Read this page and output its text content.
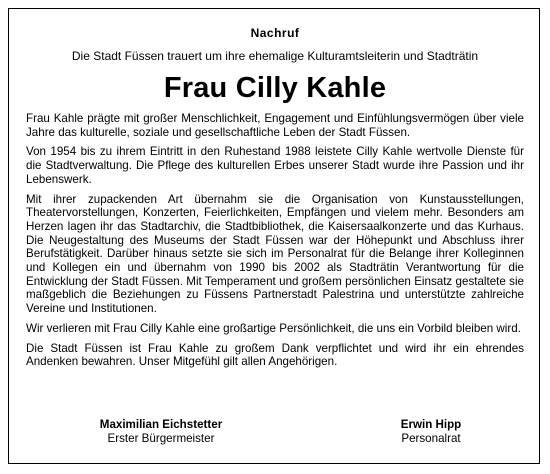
Nachruf

Die Stadt Füssen trauert um ihre ehemalige Kulturamtsleiterin und Stadträtin

Frau Cilly Kahle

Frau Kahle prägte mit großer Menschlichkeit, Engagement und Einfühlungsvermögen über viele Jahre das kulturelle, soziale und gesellschaftliche Leben der Stadt Füssen.

Von 1954 bis zu ihrem Eintritt in den Ruhestand 1988 leistete Cilly Kahle wertvolle Dienste für die Stadtverwaltung. Die Pflege des kulturellen Erbes unserer Stadt wurde ihre Passion und ihr Lebenswerk.

Mit ihrer zupackenden Art übernahm sie die Organisation von Kunstausstellungen, Theatervorstellungen, Konzerten, Feierlichkeiten, Empfängen und vielem mehr. Besonders am Herzen lagen ihr das Stadtarchiv, die Stadtbibliothek, die Kaisersaalkonzerte und das Kurhaus. Die Neugestaltung des Museums der Stadt Füssen war der Höhepunkt und Abschluss ihrer Berufstätigkeit. Darüber hinaus setzte sie sich im Personalrat für die Belange ihrer Kolleginnen und Kollegen ein und übernahm von 1990 bis 2002 als Stadträtin Verantwortung für die Entwicklung der Stadt Füssen. Mit Temperament und großem persönlichen Einsatz gestaltete sie maßgeblich die Beziehungen zu Füssens Partnerstadt Palestrina und unterstützte zahlreiche Vereine und Institutionen.

Wir verlieren mit Frau Cilly Kahle eine großartige Persönlichkeit, die uns ein Vorbild bleiben wird.

Die Stadt Füssen ist Frau Kahle zu großem Dank verpflichtet und wird ihr ein ehrendes Andenken bewahren. Unser Mitgefühl gilt allen Angehörigen.

Maximilian Eichstetter
Erster Bürgermeister
Erwin Hipp
Personalrat
